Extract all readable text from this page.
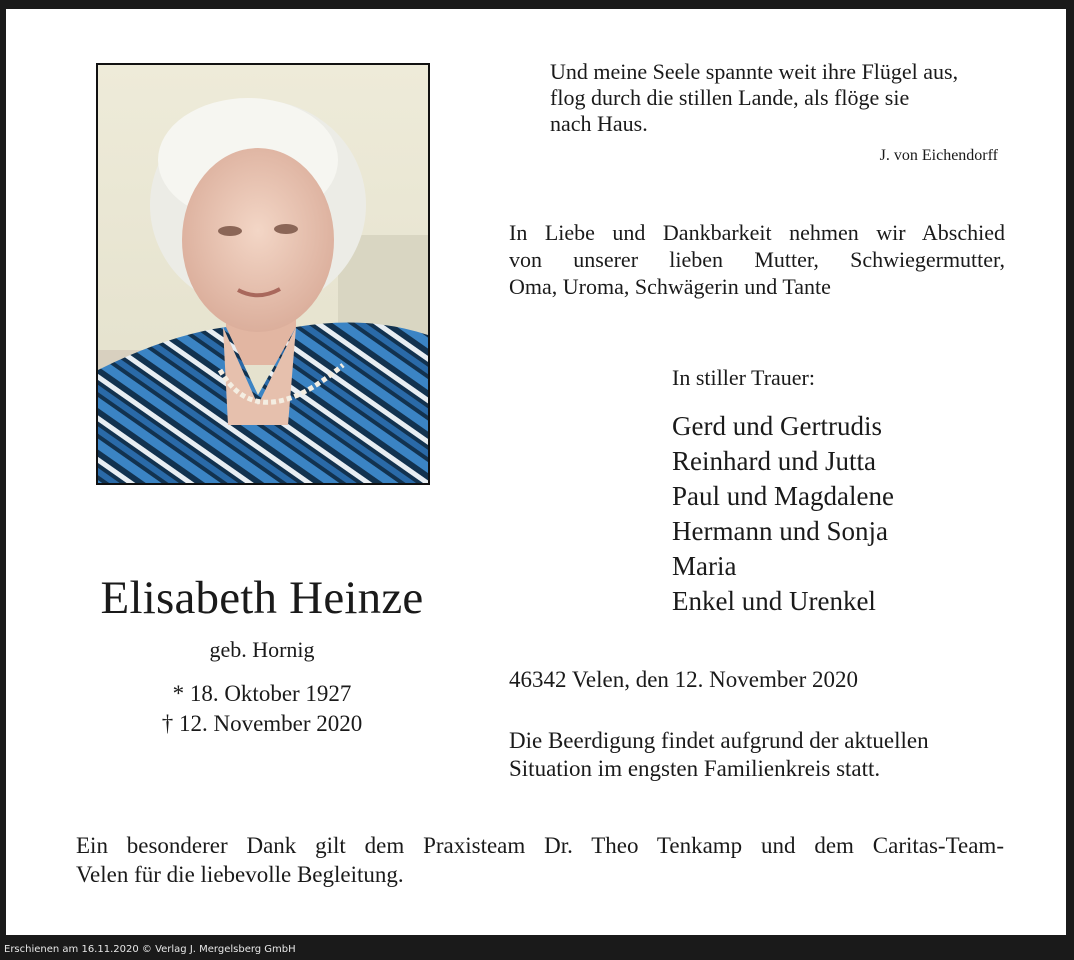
Und meine Seele spannte weit ihre Flügel aus,
flog durch die stillen Lande, als flöge sie
nach Haus.
J. von Eichendorff
In Liebe und Dankbarkeit nehmen wir Abschied
von unserer lieben Mutter, Schwiegermutter,
Oma, Uroma, Schwägerin und Tante
In stiller Trauer:
Gerd und Gertrudis
Reinhard und Jutta
Paul und Magdalene
Hermann und Sonja
Maria
Enkel und Urenkel
Elisabeth Heinze
geb. Hornig
* 18. Oktober 1927
† 12. November 2020
46342 Velen, den 12. November 2020
Die Beerdigung findet aufgrund der aktuellen
Situation im engsten Familienkreis statt.
Ein besonderer Dank gilt dem Praxisteam Dr. Theo Tenkamp und dem Caritas-Team-
Velen für die liebevolle Begleitung.
Erschienen am 16.11.2020 © Verlag J. Mergelsberg GmbH
